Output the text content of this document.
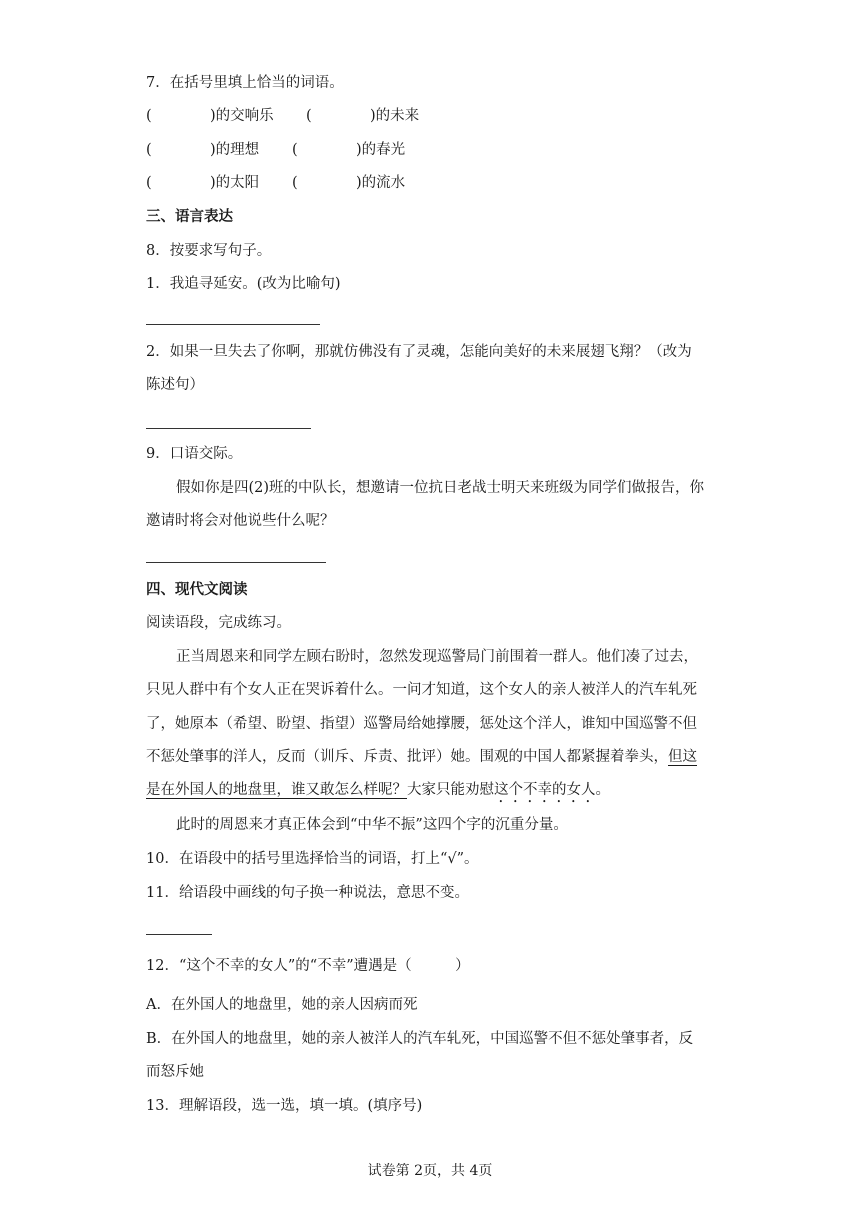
7．在括号里填上恰当的词语。
(	)的交响乐 (	)的未来
(	)的理想 (	)的春光
(	)的太阳 (	)的流水
三、语言表达
8．按要求写句子。
1．我追寻延安。(改为比喻句)
2．如果一旦失去了你啊，那就仿佛没有了灵魂，怎能向美好的未来展翅飞翔？（改为
陈述句）
9．口语交际。
假如你是四(2)班的中队长，想邀请一位抗日老战士明天来班级为同学们做报告，你
邀请时将会对他说些什么呢？
四、现代文阅读
阅读语段，完成练习。
正当周恩来和同学左顾右盼时，忽然发现巡警局门前围着一群人。他们凑了过去，
只见人群中有个女人正在哭诉着什么。一问才知道，这个女人的亲人被洋人的汽车轧死
了，她原本（希望、盼望、指望）巡警局给她撑腰，惩处这个洋人，谁知中国巡警不但
不惩处肇事的洋人，反而（训斥、斥责、批评）她。围观的中国人都紧握着拳头，但这
是在外国人的地盘里，谁又敢怎么样呢？大家只能劝慰这个不幸的女人。
此时的周恩来才真正体会到“中华不振”这四个字的沉重分量。
10．在语段中的括号里选择恰当的词语，打上“√”。
11．给语段中画线的句子换一种说法，意思不变。
12．“这个不幸的女人”的“不幸”遭遇是（　　　）
A．在外国人的地盘里，她的亲人因病而死
B．在外国人的地盘里，她的亲人被洋人的汽车轧死，中国巡警不但不惩处肇事者，反
而怒斥她
13．理解语段，选一选，填一填。(填序号)
试卷第 2页，共 4页
